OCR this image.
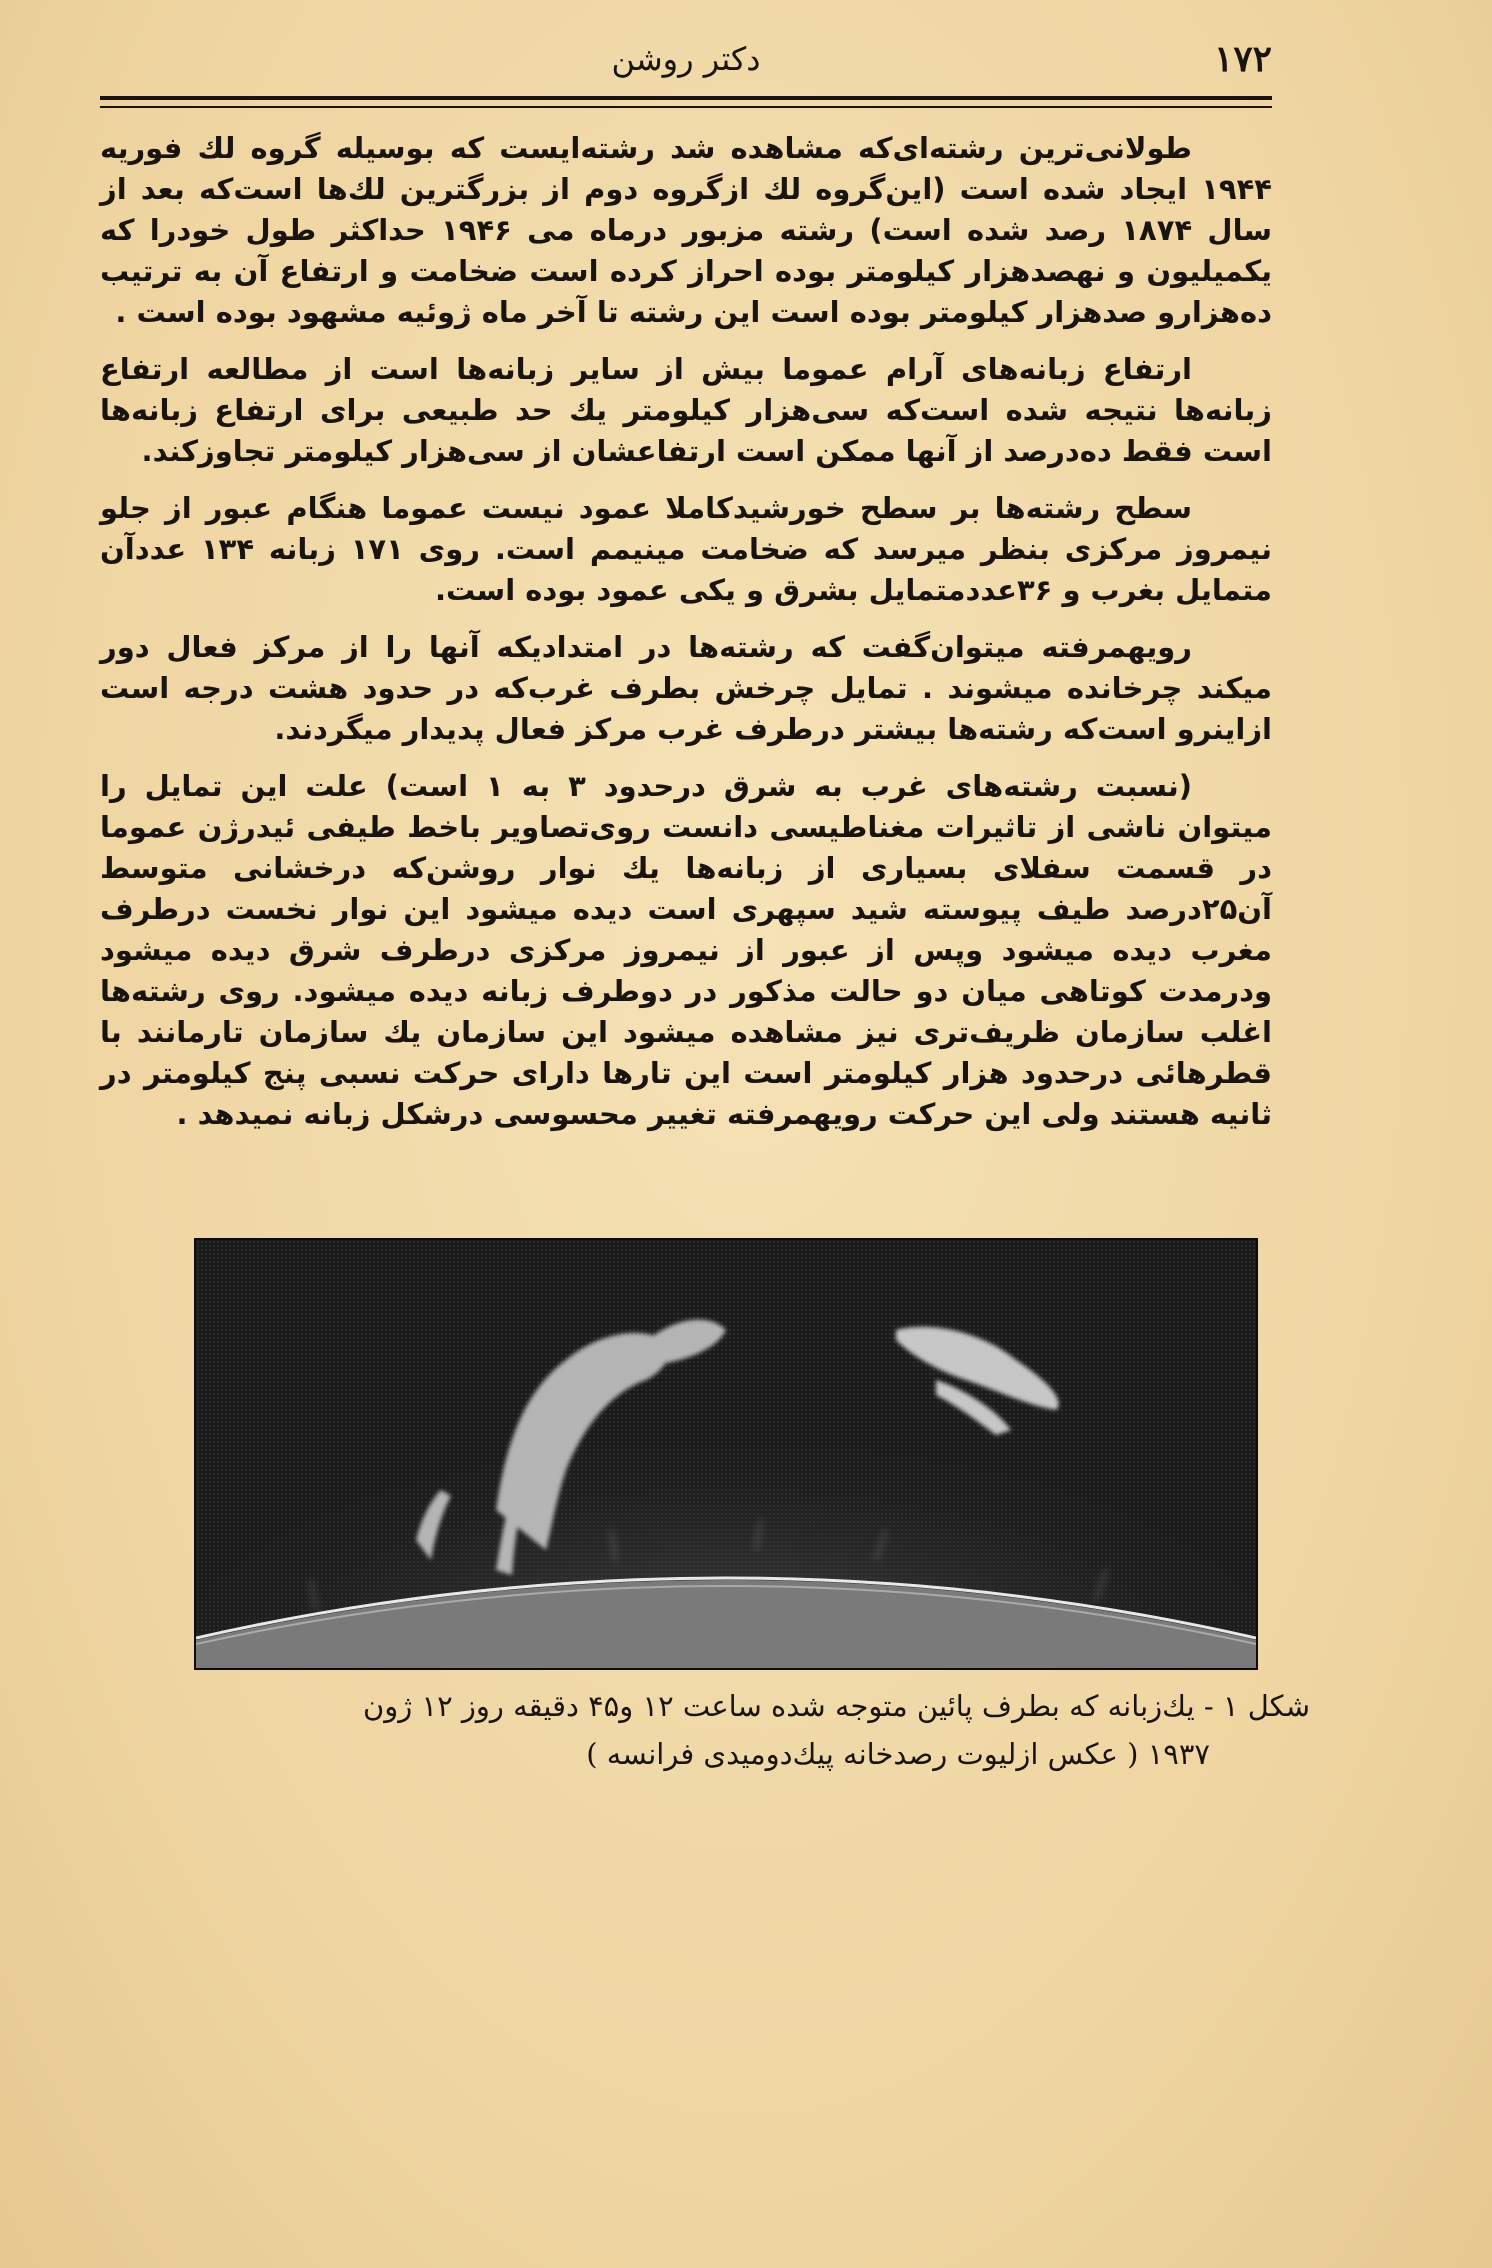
۱۷۲
دکتر روشن

طولانی‌ترین رشته‌ای‌که مشاهده شد رشته‌ایست که بوسیله گروه لك فوریه ۱۹۴۴ ایجاد شده است (این‌گروه لك ازگروه دوم از بزرگترین لك‌ها است‌که بعد از سال ۱۸۷۴ رصد شده است) رشته مزبور درماه می ۱۹۴۶ حداکثر طول خودرا که یکمیلیون و نهصدهزار کیلومتر بوده احراز کرده است ضخامت و ارتفاع آن به ترتیب ده‌هزارو صدهزار کیلومتر بوده است این رشته تا آخر ماه ژوئیه مشهود بوده است .

ارتفاع زبانه‌های آرام عموما بیش از سایر زبانه‌ها است از مطالعه ارتفاع زبانه‌ها نتیجه شده است‌که سی‌هزار کیلومتر یك حد طبیعی برای ارتفاع زبانه‌ها است فقط ده‌درصد از آنها ممکن است ارتفاعشان از سی‌هزار کیلومتر تجاوزکند.

سطح رشته‌ها بر سطح خورشیدکاملا عمود نیست عموما هنگام عبور از جلو نیمروز مرکزی بنظر میرسد که ضخامت مینیمم است. روی ۱۷۱ زبانه ۱۳۴ عددآن متمایل بغرب و ۳۶عددمتمایل بشرق و یکی عمود بوده است.

رویهمرفته میتوان‌گفت که رشته‌ها در امتدادیکه آنها را از مرکز فعال دور میکند چرخانده میشوند . تمایل چرخش بطرف غرب‌که در حدود هشت درجه است ازاینرو است‌که رشته‌ها بیشتر درطرف غرب مرکز فعال پدیدار میگردند.

(نسبت رشته‌های غرب به شرق درحدود ۳ به ۱ است) علت این تمایل را میتوان ناشی از تاثیرات مغناطیسی دانست روی‌تصاویر باخط طیفی ئیدرژن عموما در قسمت سفلای بسیاری از زبانه‌ها یك نوار روشن‌که درخشانی متوسط آن۲۵درصد طیف پیوسته شید سپهری است دیده میشود این نوار نخست درطرف مغرب دیده میشود وپس از عبور از نیمروز مرکزی درطرف شرق دیده میشود ودرمدت کوتاهی میان دو حالت مذکور در دوطرف زبانه دیده میشود. روی رشته‌ها اغلب سازمان ظریف‌تری نیز مشاهده میشود این سازمان یك سازمان تارمانند با قطرهائی درحدود هزار کیلومتر است این تارها دارای حرکت نسبی پنج کیلومتر در ثانیه هستند ولی این حرکت رویهمرفته تغییر محسوسی درشکل زبانه نمیدهد .

شکل ۱ - یك‌زبانه که بطرف پائین متوجه شده ساعت ۱۲ و۴۵ دقیقه روز ۱۲ ژون
۱۹۳۷ ( عکس ازلیوت رصدخانه پیك‌دومیدی فرانسه )
